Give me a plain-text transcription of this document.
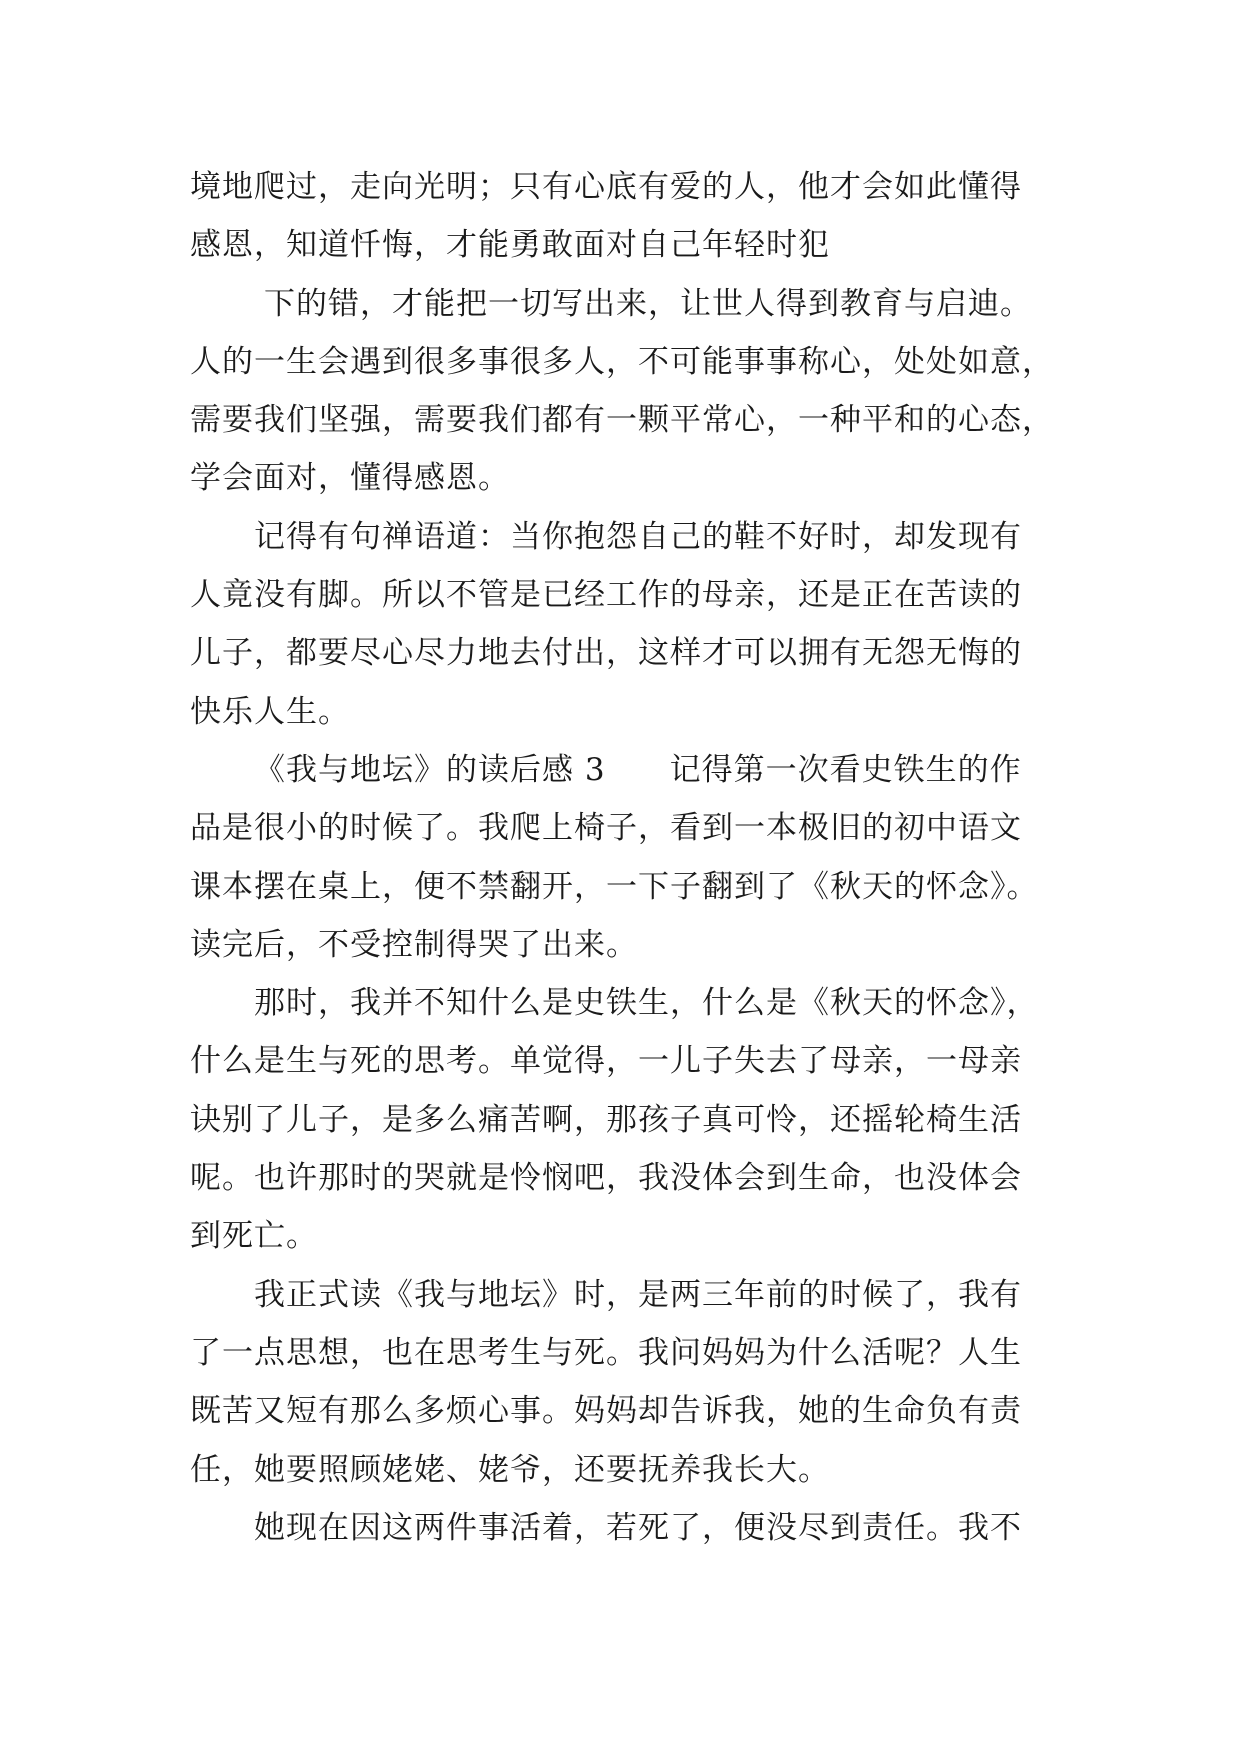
境地爬过，走向光明；只有心底有爱的人，他才会如此懂得
感恩，知道忏悔，才能勇敢面对自己年轻时犯
下的错，才能把一切写出来，让世人得到教育与启迪。
人的一生会遇到很多事很多人，不可能事事称心，处处如意，
需要我们坚强，需要我们都有一颗平常心，一种平和的心态，
学会面对，懂得感恩。
记得有句禅语道：当你抱怨自己的鞋不好时，却发现有
人竟没有脚。所以不管是已经工作的母亲，还是正在苦读的
儿子，都要尽心尽力地去付出，这样才可以拥有无怨无悔的
快乐人生。
《我与地坛》的读后感 3　　记得第一次看史铁生的作
品是很小的时候了。我爬上椅子，看到一本极旧的初中语文
课本摆在桌上，便不禁翻开，一下子翻到了《秋天的怀念》。
读完后，不受控制得哭了出来。
那时，我并不知什么是史铁生，什么是《秋天的怀念》，
什么是生与死的思考。单觉得，一儿子失去了母亲，一母亲
诀别了儿子，是多么痛苦啊，那孩子真可怜，还摇轮椅生活
呢。也许那时的哭就是怜悯吧，我没体会到生命，也没体会
到死亡。
我正式读《我与地坛》时，是两三年前的时候了，我有
了一点思想，也在思考生与死。我问妈妈为什么活呢？人生
既苦又短有那么多烦心事。妈妈却告诉我，她的生命负有责
任，她要照顾姥姥、姥爷，还要抚养我长大。
她现在因这两件事活着，若死了，便没尽到责任。我不
